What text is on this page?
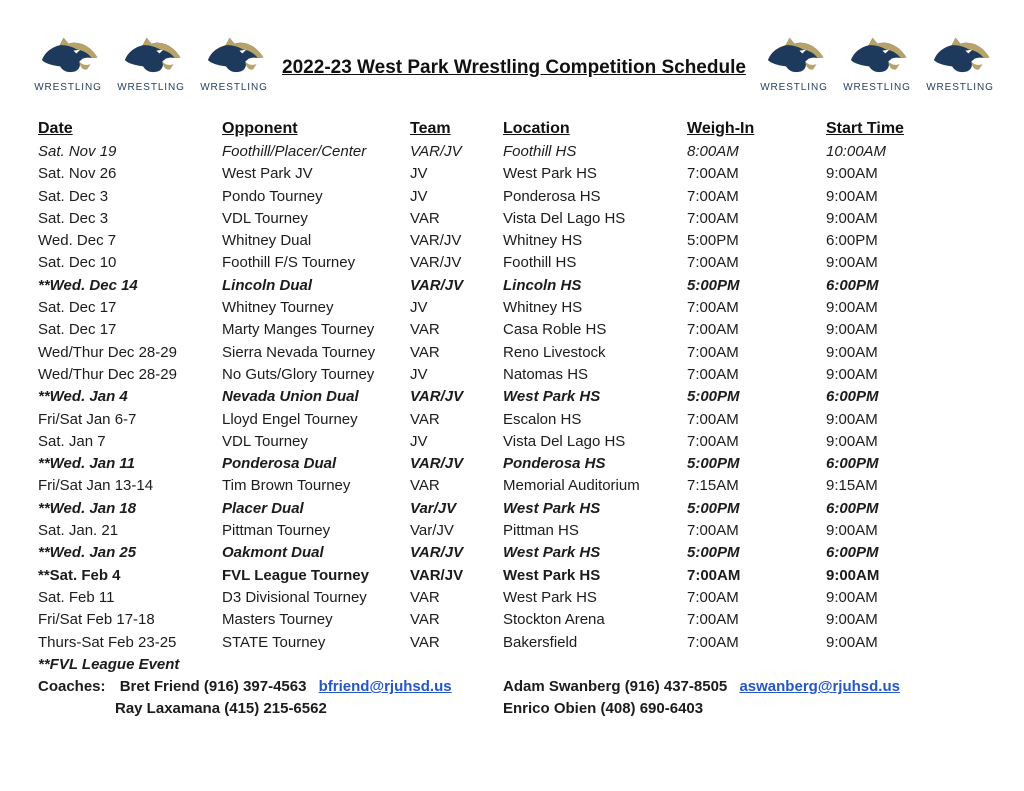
WRESTLING WRESTLING WRESTLING
2022-23 West Park Wrestling Competition Schedule
WRESTLING WRESTLING WRESTLING
Date	Opponent	Team	Location	Weigh-In	Start Time
Sat. Nov 19	Foothill/Placer/Center	VAR/JV	Foothill HS	8:00AM	10:00AM
Sat. Nov 26	West Park JV	JV	West Park HS	7:00AM	9:00AM
Sat. Dec 3	Pondo Tourney	JV	Ponderosa HS	7:00AM	9:00AM
Sat. Dec 3	VDL Tourney	VAR	Vista Del Lago HS	7:00AM	9:00AM
Wed. Dec 7	Whitney Dual	VAR/JV	Whitney HS	5:00PM	6:00PM
Sat. Dec 10	Foothill F/S Tourney	VAR/JV	Foothill HS	7:00AM	9:00AM
**Wed. Dec 14	Lincoln Dual	VAR/JV	Lincoln HS	5:00PM	6:00PM
Sat. Dec 17	Whitney Tourney	JV	Whitney HS	7:00AM	9:00AM
Sat. Dec 17	Marty Manges Tourney	VAR	Casa Roble HS	7:00AM	9:00AM
Wed/Thur Dec 28-29	Sierra Nevada Tourney	VAR	Reno Livestock	7:00AM	9:00AM
Wed/Thur Dec 28-29	No Guts/Glory Tourney	JV	Natomas HS	7:00AM	9:00AM
**Wed. Jan 4	Nevada Union Dual	VAR/JV	West Park HS	5:00PM	6:00PM
Fri/Sat Jan 6-7	Lloyd Engel Tourney	VAR	Escalon HS	7:00AM	9:00AM
Sat. Jan 7	VDL Tourney	JV	Vista Del Lago HS	7:00AM	9:00AM
**Wed. Jan 11	Ponderosa Dual	VAR/JV	Ponderosa HS	5:00PM	6:00PM
Fri/Sat Jan 13-14	Tim Brown Tourney	VAR	Memorial Auditorium	7:15AM	9:15AM
**Wed. Jan 18	Placer Dual	Var/JV	West Park HS	5:00PM	6:00PM
Sat. Jan. 21	Pittman Tourney	Var/JV	Pittman HS	7:00AM	9:00AM
**Wed. Jan 25	Oakmont Dual	VAR/JV	West Park HS	5:00PM	6:00PM
**Sat. Feb 4	FVL League Tourney	VAR/JV	West Park HS	7:00AM	9:00AM
Sat. Feb 11	D3 Divisional Tourney	VAR	West Park HS	7:00AM	9:00AM
Fri/Sat Feb 17-18	Masters Tourney	VAR	Stockton Arena	7:00AM	9:00AM
Thurs-Sat Feb 23-25	STATE Tourney	VAR	Bakersfield	7:00AM	9:00AM
**FVL League Event
Coaches: Bret Friend (916) 397-4563 bfriend@rjuhsd.us	Adam Swanberg (916) 437-8505 aswanberg@rjuhsd.us
Ray Laxamana (415) 215-6562	Enrico Obien (408) 690-6403
